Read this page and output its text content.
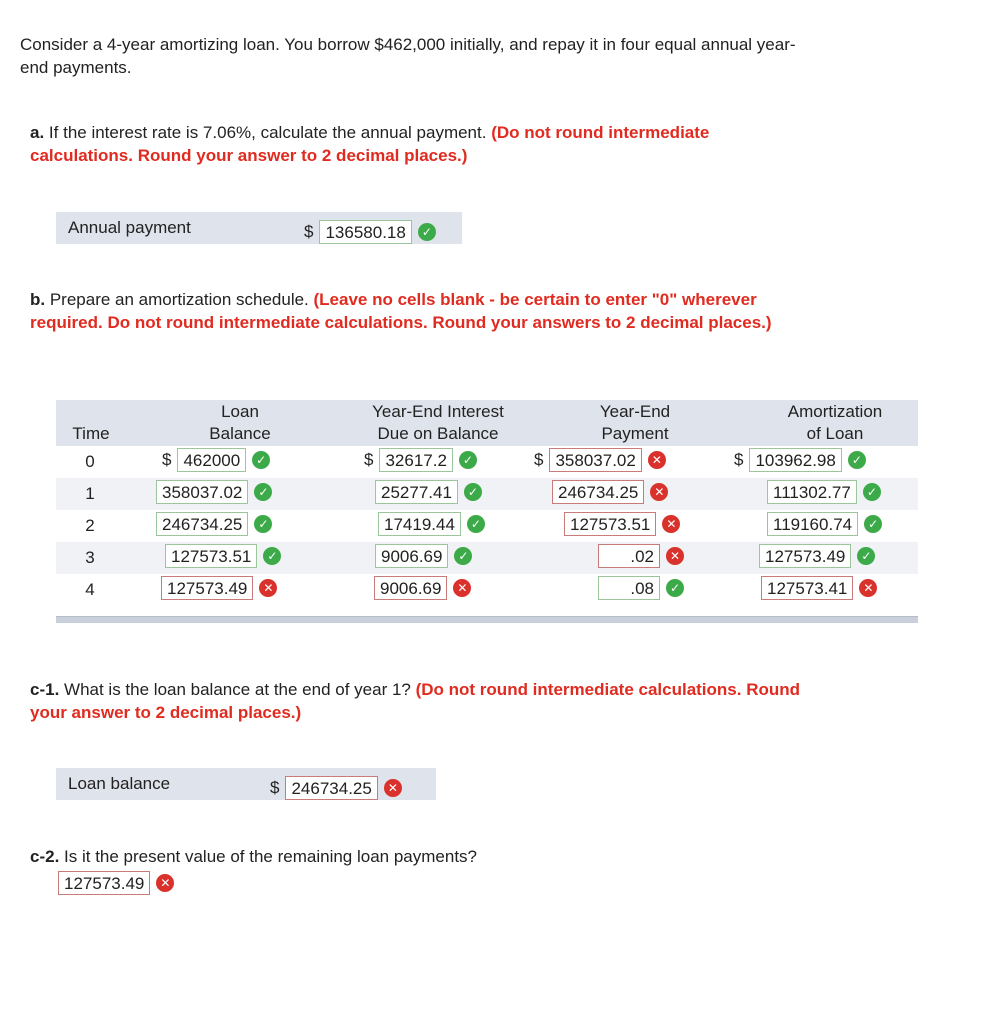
Consider a 4-year amortizing loan. You borrow $462,000 initially, and repay it in four equal annual year-end payments.
a. If the interest rate is 7.06%, calculate the annual payment. (Do not round intermediate calculations. Round your answer to 2 decimal places.)
Annual payment	$ 136580.18	✓
b. Prepare an amortization schedule. (Leave no cells blank - be certain to enter "0" wherever required. Do not round intermediate calculations. Round your answers to 2 decimal places.)
Time
Loan
Balance
Year-End Interest
Due on Balance
Year-End
Payment
Amortization
of Loan
0	$ 462000	✓	$ 32617.2	✓	$ 358037.02	✕	$ 103962.98	✓
1	358037.02	✓	25277.41	✓	246734.25	✕	111302.77	✓
2	246734.25	✓	17419.44	✓	127573.51	✕	119160.74	✓
3	127573.51	✓	9006.69	✓	.02	✕	127573.49	✓
4	127573.49	✕	9006.69	✕	.08	✓	127573.41	✕
c-1. What is the loan balance at the end of year 1? (Do not round intermediate calculations. Round your answer to 2 decimal places.)
Loan balance	$ 246734.25	✕
c-2. Is it the present value of the remaining loan payments?
127573.49	✕
